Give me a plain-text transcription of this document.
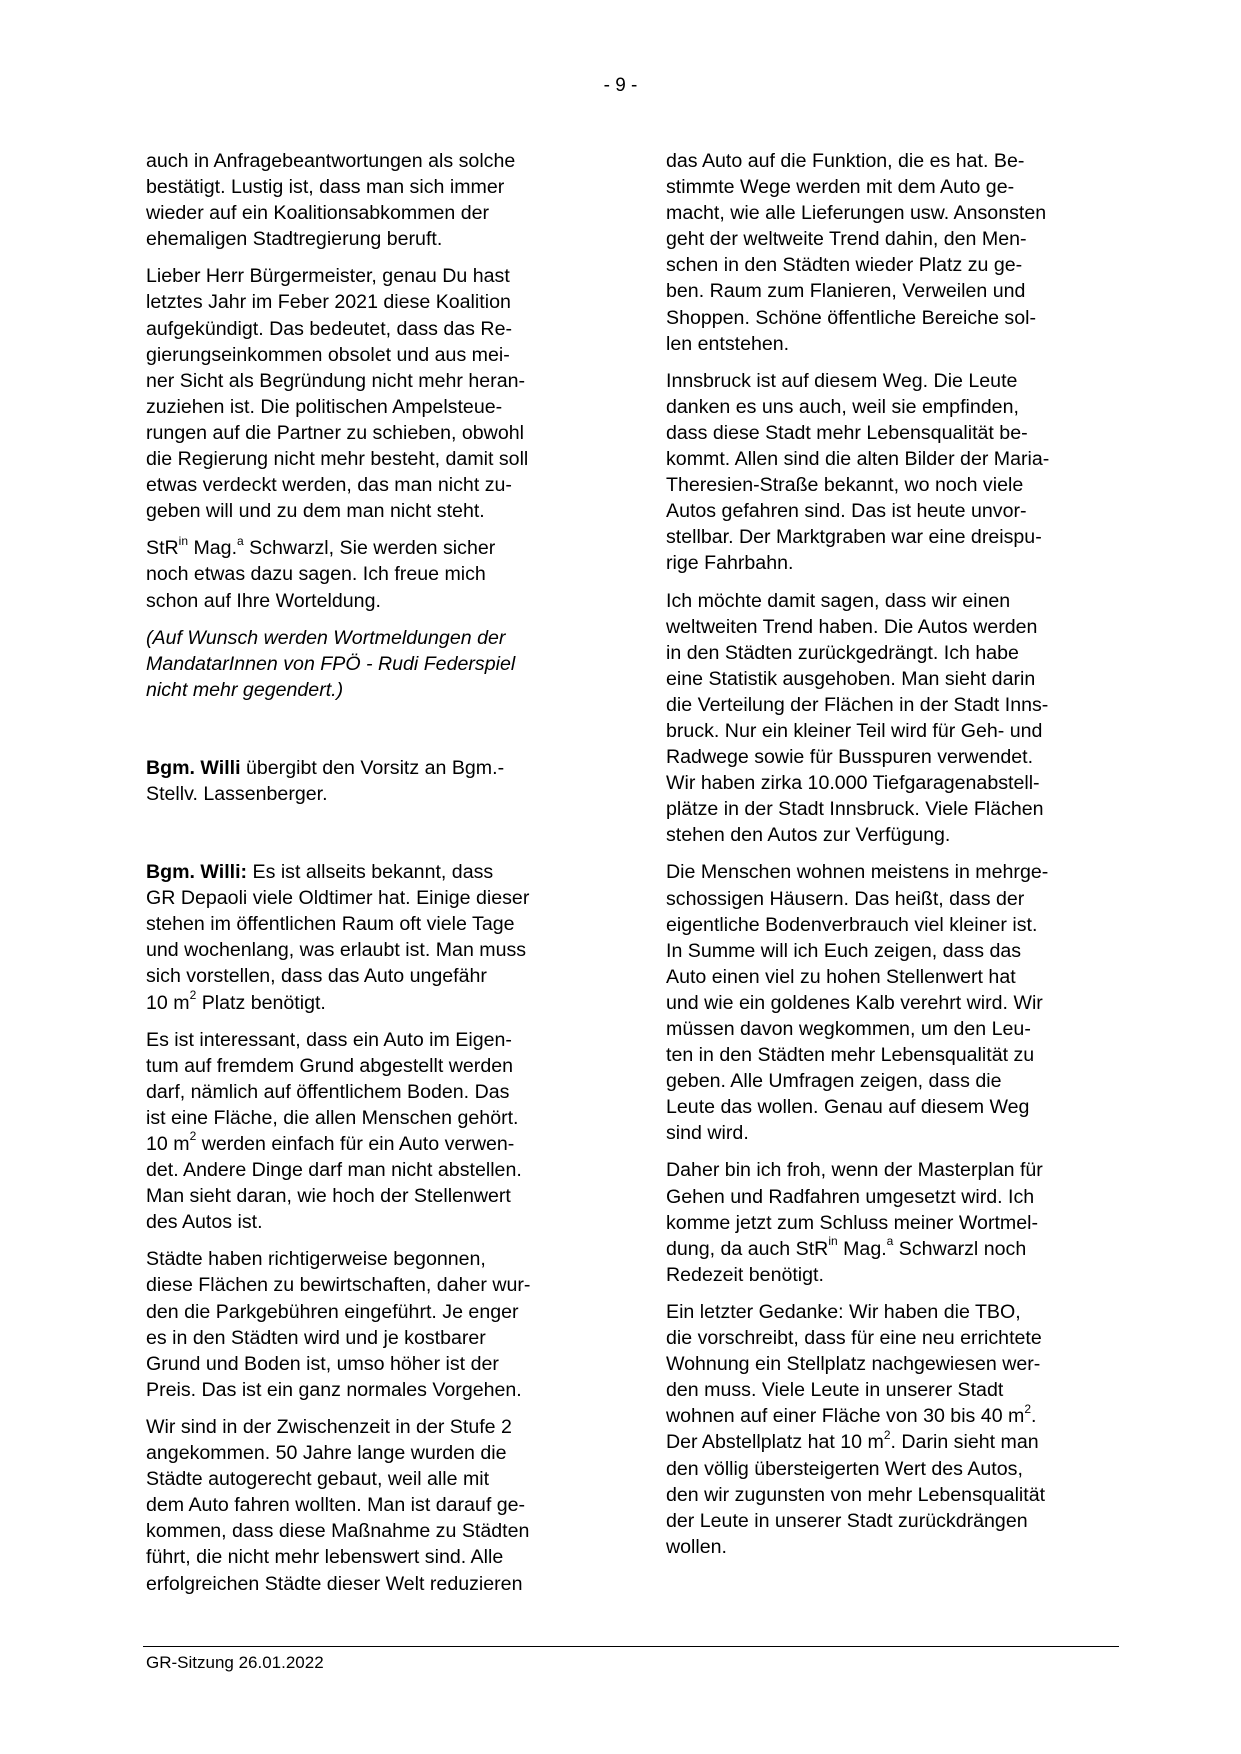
- 9 -

auch in Anfragebeantwortungen als solche
bestätigt. Lustig ist, dass man sich immer
wieder auf ein Koalitionsabkommen der
ehemaligen Stadtregierung beruft.

Lieber Herr Bürgermeister, genau Du hast
letztes Jahr im Feber 2021 diese Koalition
aufgekündigt. Das bedeutet, dass das Re-
gierungseinkommen obsolet und aus mei-
ner Sicht als Begründung nicht mehr heran-
zuziehen ist. Die politischen Ampelsteue-
rungen auf die Partner zu schieben, obwohl
die Regierung nicht mehr besteht, damit soll
etwas verdeckt werden, das man nicht zu-
geben will und zu dem man nicht steht.

StR$^{in}$ Mag.$^a$ Schwarzl, Sie werden sicher
noch etwas dazu sagen. Ich freue mich
schon auf Ihre Worteldung.

(Auf Wunsch werden Wortmeldungen der
MandatarInnen von FPÖ - Rudi Federspiel
nicht mehr gegendert.)

Bgm. Willi übergibt den Vorsitz an Bgm.-
Stellv. Lassenberger.

Bgm. Willi: Es ist allseits bekannt, dass
GR Depaoli viele Oldtimer hat. Einige dieser
stehen im öffentlichen Raum oft viele Tage
und wochenlang, was erlaubt ist. Man muss
sich vorstellen, dass das Auto ungefähr
10 $m^2$ Platz benötigt.

Es ist interessant, dass ein Auto im Eigen-
tum auf fremdem Grund abgestellt werden
darf, nämlich auf öffentlichem Boden. Das
ist eine Fläche, die allen Menschen gehört.
10 $m^2$ werden einfach für ein Auto verwen-
det. Andere Dinge darf man nicht abstellen.
Man sieht daran, wie hoch der Stellenwert
des Autos ist.

Städte haben richtigerweise begonnen,
diese Flächen zu bewirtschaften, daher wur-
den die Parkgebühren eingeführt. Je enger
es in den Städten wird und je kostbarer
Grund und Boden ist, umso höher ist der
Preis. Das ist ein ganz normales Vorgehen.

Wir sind in der Zwischenzeit in der Stufe 2
angekommen. 50 Jahre lange wurden die
Städte autogerecht gebaut, weil alle mit
dem Auto fahren wollten. Man ist darauf ge-
kommen, dass diese Maßnahme zu Städten
führt, die nicht mehr lebenswert sind. Alle
erfolgreichen Städte dieser Welt reduzieren

das Auto auf die Funktion, die es hat. Be-
stimmte Wege werden mit dem Auto ge-
macht, wie alle Lieferungen usw. Ansonsten
geht der weltweite Trend dahin, den Men-
schen in den Städten wieder Platz zu ge-
ben. Raum zum Flanieren, Verweilen und
Shoppen. Schöne öffentliche Bereiche sol-
len entstehen.

Innsbruck ist auf diesem Weg. Die Leute
danken es uns auch, weil sie empfinden,
dass diese Stadt mehr Lebensqualität be-
kommt. Allen sind die alten Bilder der Maria-
Theresien-Straße bekannt, wo noch viele
Autos gefahren sind. Das ist heute unvor-
stellbar. Der Marktgraben war eine dreispu-
rige Fahrbahn.

Ich möchte damit sagen, dass wir einen
weltweiten Trend haben. Die Autos werden
in den Städten zurückgedrängt. Ich habe
eine Statistik ausgehoben. Man sieht darin
die Verteilung der Flächen in der Stadt Inns-
bruck. Nur ein kleiner Teil wird für Geh- und
Radwege sowie für Busspuren verwendet.
Wir haben zirka 10.000 Tiefgaragenabstell-
plätze in der Stadt Innsbruck. Viele Flächen
stehen den Autos zur Verfügung.

Die Menschen wohnen meistens in mehrge-
schossigen Häusern. Das heißt, dass der
eigentliche Bodenverbrauch viel kleiner ist.
In Summe will ich Euch zeigen, dass das
Auto einen viel zu hohen Stellenwert hat
und wie ein goldenes Kalb verehrt wird. Wir
müssen davon wegkommen, um den Leu-
ten in den Städten mehr Lebensqualität zu
geben. Alle Umfragen zeigen, dass die
Leute das wollen. Genau auf diesem Weg
sind wird.

Daher bin ich froh, wenn der Masterplan für
Gehen und Radfahren umgesetzt wird. Ich
komme jetzt zum Schluss meiner Wortmel-
dung, da auch StR$^{in}$ Mag.$^a$ Schwarzl noch
Redezeit benötigt.

Ein letzter Gedanke: Wir haben die TBO,
die vorschreibt, dass für eine neu errichtete
Wohnung ein Stellplatz nachgewiesen wer-
den muss. Viele Leute in unserer Stadt
wohnen auf einer Fläche von 30 bis 40 $m^2$.
Der Abstellplatz hat 10 $m^2$. Darin sieht man
den völlig übersteigerten Wert des Autos,
den wir zugunsten von mehr Lebensqualität
der Leute in unserer Stadt zurückdrängen
wollen.

GR-Sitzung 26.01.2022
